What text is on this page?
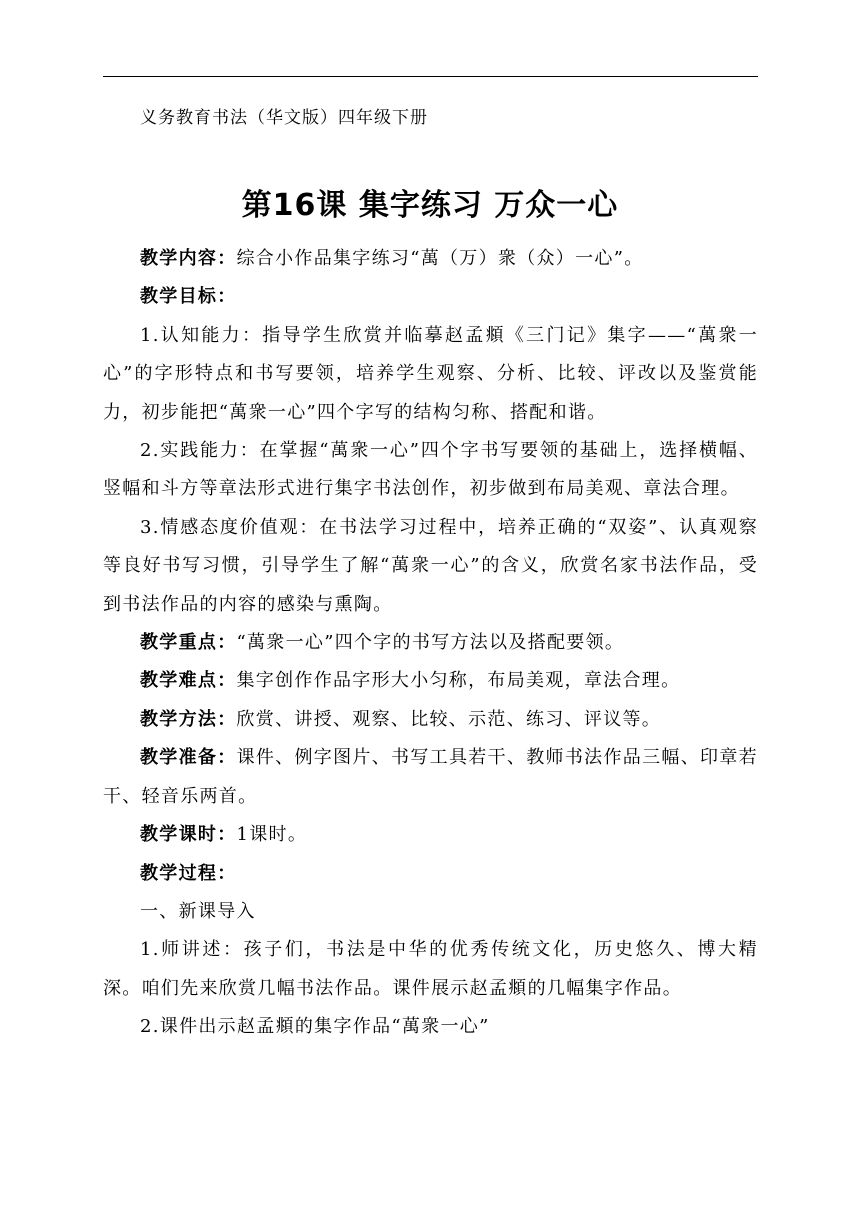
义务教育书法（华文版）四年级下册
第16课 集字练习 万众一心

教学内容：综合小作品集字练习“萬（万）衆（众）一心”。

教学目标：

1.认知能力：指导学生欣赏并临摹赵孟頫《三门记》集字——“萬衆一心”的字形特点和书写要领，培养学生观察、分析、比较、评改以及鉴赏能力，初步能把“萬衆一心”四个字写的结构匀称、搭配和谐。

2.实践能力：在掌握“萬衆一心”四个字书写要领的基础上，选择横幅、竖幅和斗方等章法形式进行集字书法创作，初步做到布局美观、章法合理。

3.情感态度价值观：在书法学习过程中，培养正确的“双姿”、认真观察等良好书写习惯，引导学生了解“萬衆一心”的含义，欣赏名家书法作品，受到书法作品的内容的感染与熏陶。

教学重点：“萬衆一心”四个字的书写方法以及搭配要领。

教学难点：集字创作作品字形大小匀称，布局美观，章法合理。

教学方法：欣赏、讲授、观察、比较、示范、练习、评议等。

教学准备：课件、例字图片、书写工具若干、教师书法作品三幅、印章若干、轻音乐两首。

教学课时：1课时。

教学过程：

一、新课导入

1.师讲述：孩子们，书法是中华的优秀传统文化，历史悠久、博大精深。咱们先来欣赏几幅书法作品。课件展示赵孟頫的几幅集字作品。

2.课件出示赵孟頫的集字作品“萬衆一心”
